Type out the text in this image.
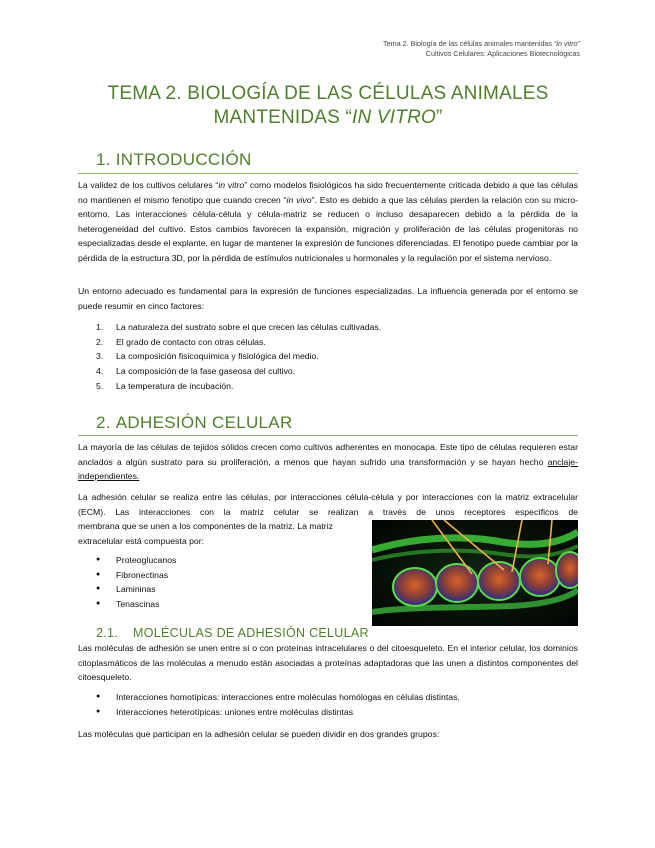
Tema 2. Biología de las células animales mantenidas “in vitro”
Cultivos Celulares: Aplicaciones Biotecnológicas
TEMA 2. BIOLOGÍA DE LAS CÉLULAS ANIMALES
MANTENIDAS “IN VITRO”
1. INTRODUCCIÓN

La validez de los cultivos celulares “in vitro” como modelos fisiológicos ha sido frecuentemente criticada debido a que las células no mantienen el mismo fenotipo que cuando crecen “in vivo”. Esto es debido a que las células pierden la relación con su micro-entorno. Las interacciones célula-célula y célula-matriz se reducen o incluso desaparecen debido a la pérdida de la heterogeneidad del cultivo. Estos cambios favorecen la expansión, migración y proliferación de las células progenitoras no especializadas desde el explante, en lugar de mantener la expresión de funciones diferenciadas. El fenotipo puede cambiar por la pérdida de la estructura 3D, por la pérdida de estímulos nutricionales u hormonales y la regulación por el sistema nervioso.

Un entorno adecuado es fundamental para la expresión de funciones especializadas. La influencia generada por el entorno se puede resumir en cinco factores:

1. La naturaleza del sustrato sobre el que crecen las células cultivadas.
2. El grado de contacto con otras células.
3. La composición fisicoquímica y fisiológica del medio.
4. La composición de la fase gaseosa del cultivo.
5. La temperatura de incubación.
2. ADHESIÓN CELULAR

La mayoría de las células de tejidos sólidos crecen como cultivos adherentes en monocapa. Este tipo de células requieren estar anclados a algún sustrato para su proliferación, a menos que hayan sufrido una transformación y se hayan hecho anclaje-independientes.

La adhesión celular se realiza entre las células, por interacciones célula-célula y por interacciones con la matriz extracelular (ECM). Las interacciones con la matriz celular se realizan a través de unos receptores específicos de

membrana que se unen a los componentes de la matriz. La matriz
extracelular está compuesta por:

● Proteoglucanos
● Fibronectinas
● Lamininas
● Tenascinas
2.1. MOLÉCULAS DE ADHESIÓN CELULAR

Las moléculas de adhesión se unen entre sí o con proteínas intracelulares o del citoesqueleto. En el interior celular, los dominios citoplasmáticos de las moléculas a menudo están asociadas a proteínas adaptadoras que las unen a distintos componentes del citoesqueleto.

● Interacciones homotípicas: interacciones entre moléculas homólogas en células distintas.
● Interacciones heterotípicas: uniones entre moléculas distintas

Las moléculas que participan en la adhesión celular se pueden dividir en dos grandes grupos:
